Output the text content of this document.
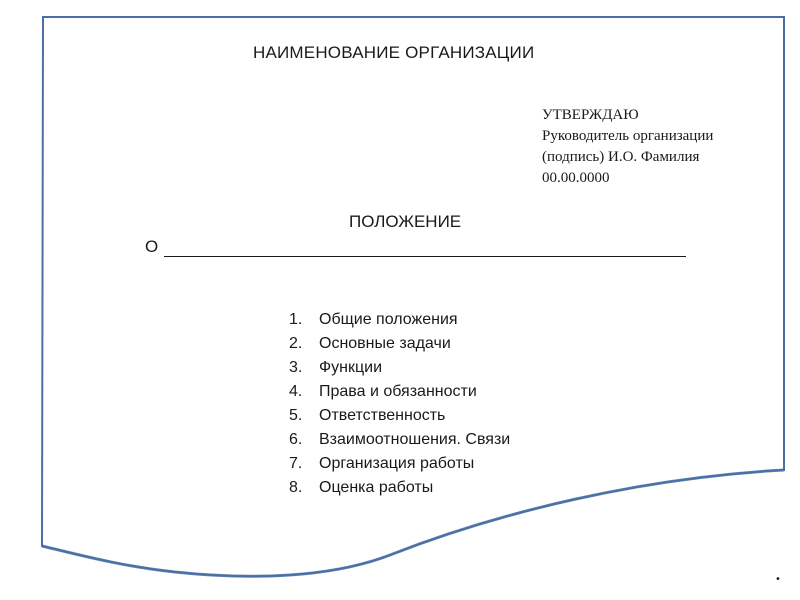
НАИМЕНОВАНИЕ ОРГАНИЗАЦИИ
УТВЕРЖДАЮ
Руководитель организации
(подпись) И.О. Фамилия
00.00.0000
ПОЛОЖЕНИЕ
О
1.	Общие положения
2.	Основные задачи
3.	Функции
4.	Права и обязанности
5.	Ответственность
6.	Взаимоотношения. Связи
7.	Организация работы
8.	Оценка работы
•
